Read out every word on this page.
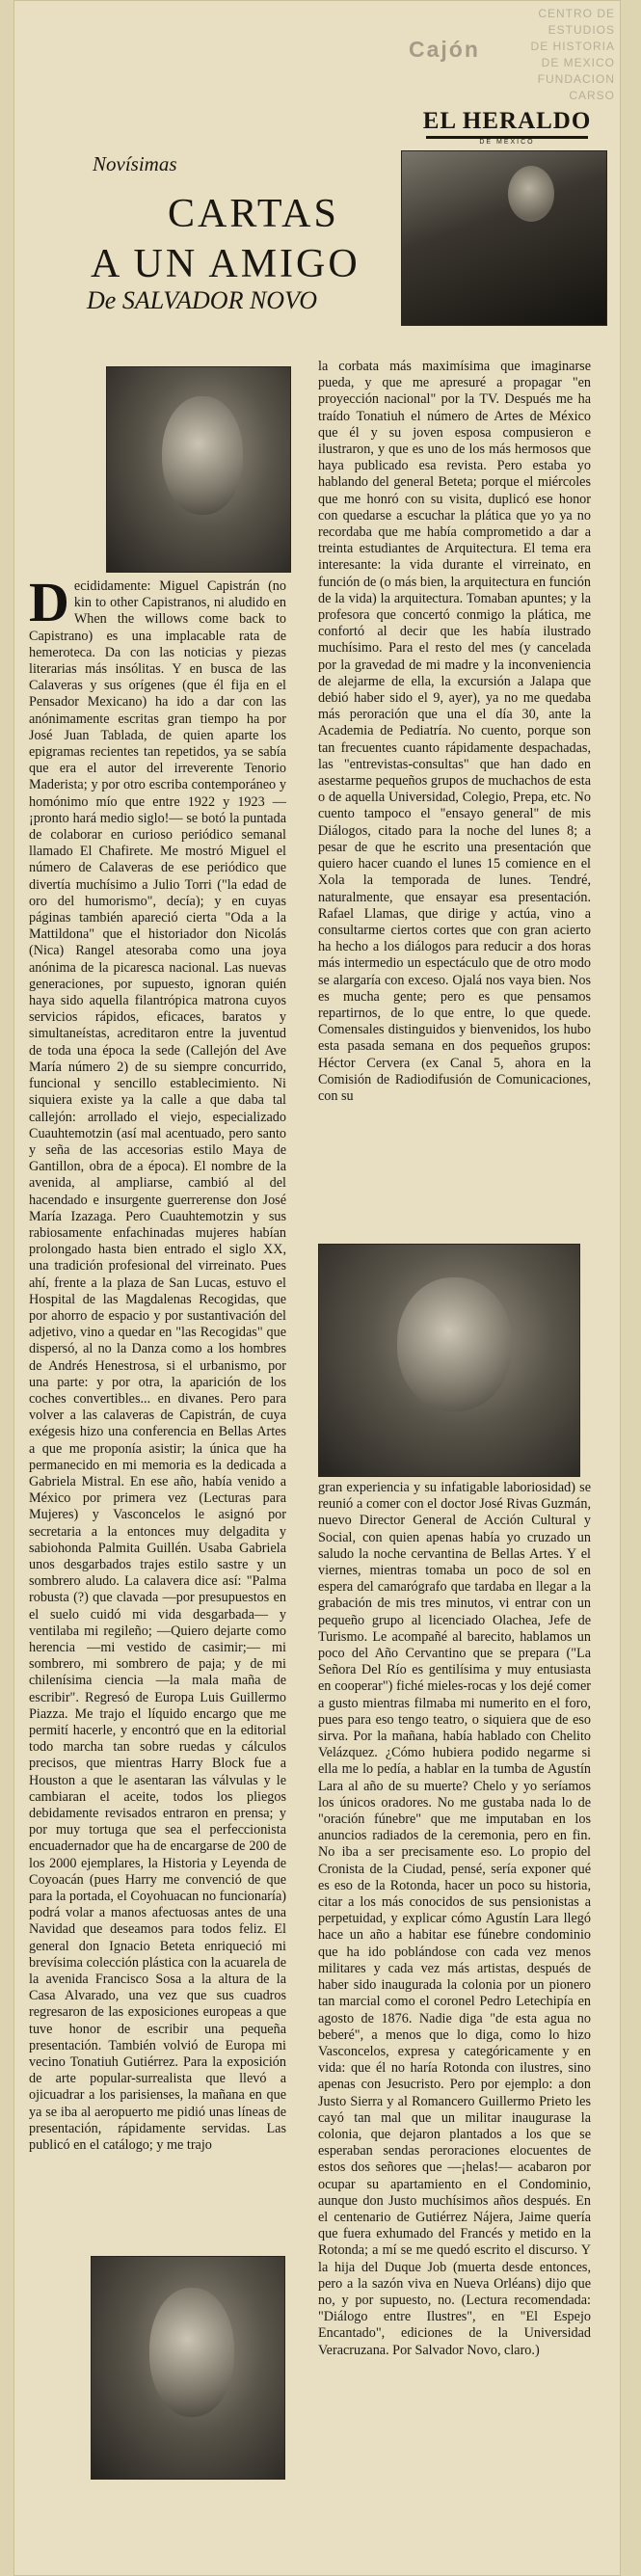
CENTRO DE
ESTUDIOS
DE HISTORIA
DE MEXICO
FUNDACION
CARSO
Cajón
EL HERALDO
DE MEXICO
Novísimas
CARTAS
A UN AMIGO
De SALVADOR NOVO
D ecididamente: Miguel Capistrán (no kin to other Capistranos, ni aludido en When the willows come back to Capistrano) es una implacable rata de hemeroteca. Da con las noticias y piezas literarias más insólitas. Y en busca de las Calaveras y sus orígenes (que él fija en el Pensador Mexicano) ha ido a dar con las anónimamente escritas gran tiempo ha por José Juan Tablada, de quien aparte los epigramas recientes tan repetidos, ya se sabía que era el autor del irreverente Tenorio Maderista; y por otro escriba contemporáneo y homónimo mío que entre 1922 y 1923 —¡pronto hará medio siglo!— se botó la puntada de colaborar en curioso periódico semanal llamado El Chafirete. Me mostró Miguel el número de Calaveras de ese periódico que divertía muchísimo a Julio Torri ("la edad de oro del humorismo", decía); y en cuyas páginas también apareció cierta "Oda a la Mattildona" que el historiador don Nicolás (Nica) Rangel atesoraba como una joya anónima de la picaresca nacional. Las nuevas generaciones, por supuesto, ignoran quién haya sido aquella filantrópica matrona cuyos servicios rápidos, eficaces, baratos y simultaneístas, acreditaron entre la juventud de toda una época la sede (Callejón del Ave María número 2) de su siempre concurrido, funcional y sencillo establecimiento. Ni siquiera existe ya la calle a que daba tal callejón: arrollado el viejo, especializado Cuauhtemotzin (así mal acentuado, pero santo y seña de las accesorias estilo Maya de Gantillon, obra de a época). El nombre de la avenida, al ampliarse, cambió al del hacendado e insurgente guerrerense don José María Izazaga. Pero Cuauhtemotzin y sus rabiosamente enfachinadas mujeres habían prolongado hasta bien entrado el siglo XX, una tradición profesional del virreinato. Pues ahí, frente a la plaza de San Lucas, estuvo el Hospital de las Magdalenas Recogidas, que por ahorro de espacio y por sustantivación del adjetivo, vino a quedar en "las Recogidas" que dispersó, al no la Danza como a los hombres de Andrés Henestrosa, si el urbanismo, por una parte: y por otra, la aparición de los coches convertibles... en divanes. Pero para volver a las calaveras de Capistrán, de cuya exégesis hizo una conferencia en Bellas Artes a que me proponía asistir; la única que ha permanecido en mi memoria es la dedicada a Gabriela Mistral. En ese año, había venido a México por primera vez (Lecturas para Mujeres) y Vasconcelos le asignó por secretaria a la entonces muy delgadita y sabiohonda Palmita Guillén. Usaba Gabriela unos desgarbados trajes estilo sastre y un sombrero aludo. La calavera dice así: "Palma robusta (?) que clavada —por presupuestos en el suelo cuidó mi vida desgarbada— y ventilaba mi regileño; —Quiero dejarte como herencia —mi vestido de casimir;— mi sombrero, mi sombrero de paja; y de mi chilenísima ciencia —la mala maña de escribir". Regresó de Europa Luis Guillermo Piazza. Me trajo el líquido encargo que me permití hacerle, y encontró que en la editorial todo marcha tan sobre ruedas y cálculos precisos, que mientras Harry Block fue a Houston a que le asentaran las válvulas y le cambiaran el aceite, todos los pliegos debidamente revisados entraron en prensa; y por muy tortuga que sea el perfeccionista encuadernador que ha de encargarse de 200 de los 2000 ejemplares, la Historia y Leyenda de Coyoacán (pues Harry me convenció de que para la portada, el Coyohuacan no funcionaría) podrá volar a manos afectuosas antes de una Navidad que deseamos para todos feliz. El general don Ignacio Beteta enriqueció mi brevísima colección plástica con la acuarela de la avenida Francisco Sosa a la altura de la Casa Alvarado, una vez que sus cuadros regresaron de las exposiciones europeas a que tuve honor de escribir una pequeña presentación. También volvió de Europa mi vecino Tonatiuh Gutiérrez. Para la exposición de arte popular-surrealista que llevó a ojicuadrar a los parisienses, la mañana en que ya se iba al aeropuerto me pidió unas líneas de presentación, rápidamente servidas. Las publicó en el catálogo; y me trajo

la corbata más maximísima que imaginarse pueda, y que me apresuré a propagar "en proyección nacional" por la TV. Después me ha traído Tonatiuh el número de Artes de México que él y su joven esposa compusieron e ilustraron, y que es uno de los más hermosos que haya publicado esa revista. Pero estaba yo hablando del general Beteta; porque el miércoles que me honró con su visita, duplicó ese honor con quedarse a escuchar la plática que yo ya no recordaba que me había comprometido a dar a treinta estudiantes de Arquitectura. El tema era interesante: la vida durante el virreinato, en función de (o más bien, la arquitectura en función de la vida) la arquitectura. Tomaban apuntes; y la profesora que concertó conmigo la plática, me confortó al decir que les había ilustrado muchísimo. Para el resto del mes (y cancelada por la gravedad de mi madre y la inconveniencia de alejarme de ella, la excursión a Jalapa que debió haber sido el 9, ayer), ya no me quedaba más peroración que una el día 30, ante la Academia de Pediatría. No cuento, porque son tan frecuentes cuanto rápidamente despachadas, las "entrevistas-consultas" que han dado en asestarme pequeños grupos de muchachos de esta o de aquella Universidad, Colegio, Prepa, etc. No cuento tampoco el "ensayo general" de mis Diálogos, citado para la noche del lunes 8; a pesar de que he escrito una presentación que quiero hacer cuando el lunes 15 comience en el Xola la temporada de lunes. Tendré, naturalmente, que ensayar esa presentación. Rafael Llamas, que dirige y actúa, vino a consultarme ciertos cortes que con gran acierto ha hecho a los diálogos para reducir a dos horas más intermedio un espectáculo que de otro modo se alargaría con exceso. Ojalá nos vaya bien. Nos es mucha gente; pero es que pensamos repartirnos, de lo que entre, lo que quede. Comensales distinguidos y bienvenidos, los hubo esta pasada semana en dos pequeños grupos: Héctor Cervera (ex Canal 5, ahora en la Comisión de Radiodifusión de Comunicaciones, con su

gran experiencia y su infatigable laboriosidad) se reunió a comer con el doctor José Rivas Guzmán, nuevo Director General de Acción Cultural y Social, con quien apenas había yo cruzado un saludo la noche cervantina de Bellas Artes. Y el viernes, mientras tomaba un poco de sol en espera del camarógrafo que tardaba en llegar a la grabación de mis tres minutos, vi entrar con un pequeño grupo al licenciado Olachea, Jefe de Turismo. Le acompañé al barecito, hablamos un poco del Año Cervantino que se prepara ("La Señora Del Río es gentilísima y muy entusiasta en cooperar") fiché mieles-rocas y los dejé comer a gusto mientras filmaba mi numerito en el foro, pues para eso tengo teatro, o siquiera que de eso sirva. Por la mañana, había hablado con Chelito Velázquez. ¿Cómo hubiera podido negarme si ella me lo pedía, a hablar en la tumba de Agustín Lara al año de su muerte? Chelo y yo seríamos los únicos oradores. No me gustaba nada lo de "oración fúnebre" que me imputaban en los anuncios radiados de la ceremonia, pero en fin. No iba a ser precisamente eso. Lo propio del Cronista de la Ciudad, pensé, sería exponer qué es eso de la Rotonda, hacer un poco su historia, citar a los más conocidos de sus pensionistas a perpetuidad, y explicar cómo Agustín Lara llegó hace un año a habitar ese fúnebre condominio que ha ido poblándose con cada vez menos militares y cada vez más artistas, después de haber sido inaugurada la colonia por un pionero tan marcial como el coronel Pedro Letechipía en agosto de 1876. Nadie diga "de esta agua no beberé", a menos que lo diga, como lo hizo Vasconcelos, expresa y categóricamente y en vida: que él no haría Rotonda con ilustres, sino apenas con Jesucristo. Pero por ejemplo: a don Justo Sierra y al Romancero Guillermo Prieto les cayó tan mal que un militar inaugurase la colonia, que dejaron plantados a los que se esperaban sendas peroraciones elocuentes de estos dos señores que —¡helas!— acabaron por ocupar su apartamiento en el Condominio, aunque don Justo muchísimos años después. En el centenario de Gutiérrez Nájera, Jaime quería que fuera exhumado del Francés y metido en la Rotonda; a mí se me quedó escrito el discurso. Y la hija del Duque Job (muerta desde entonces, pero a la sazón viva en Nueva Orléans) dijo que no, y por supuesto, no. (Lectura recomendada: "Diálogo entre Ilustres", en "El Espejo Encantado", ediciones de la Universidad Veracruzana. Por Salvador Novo, claro.)
